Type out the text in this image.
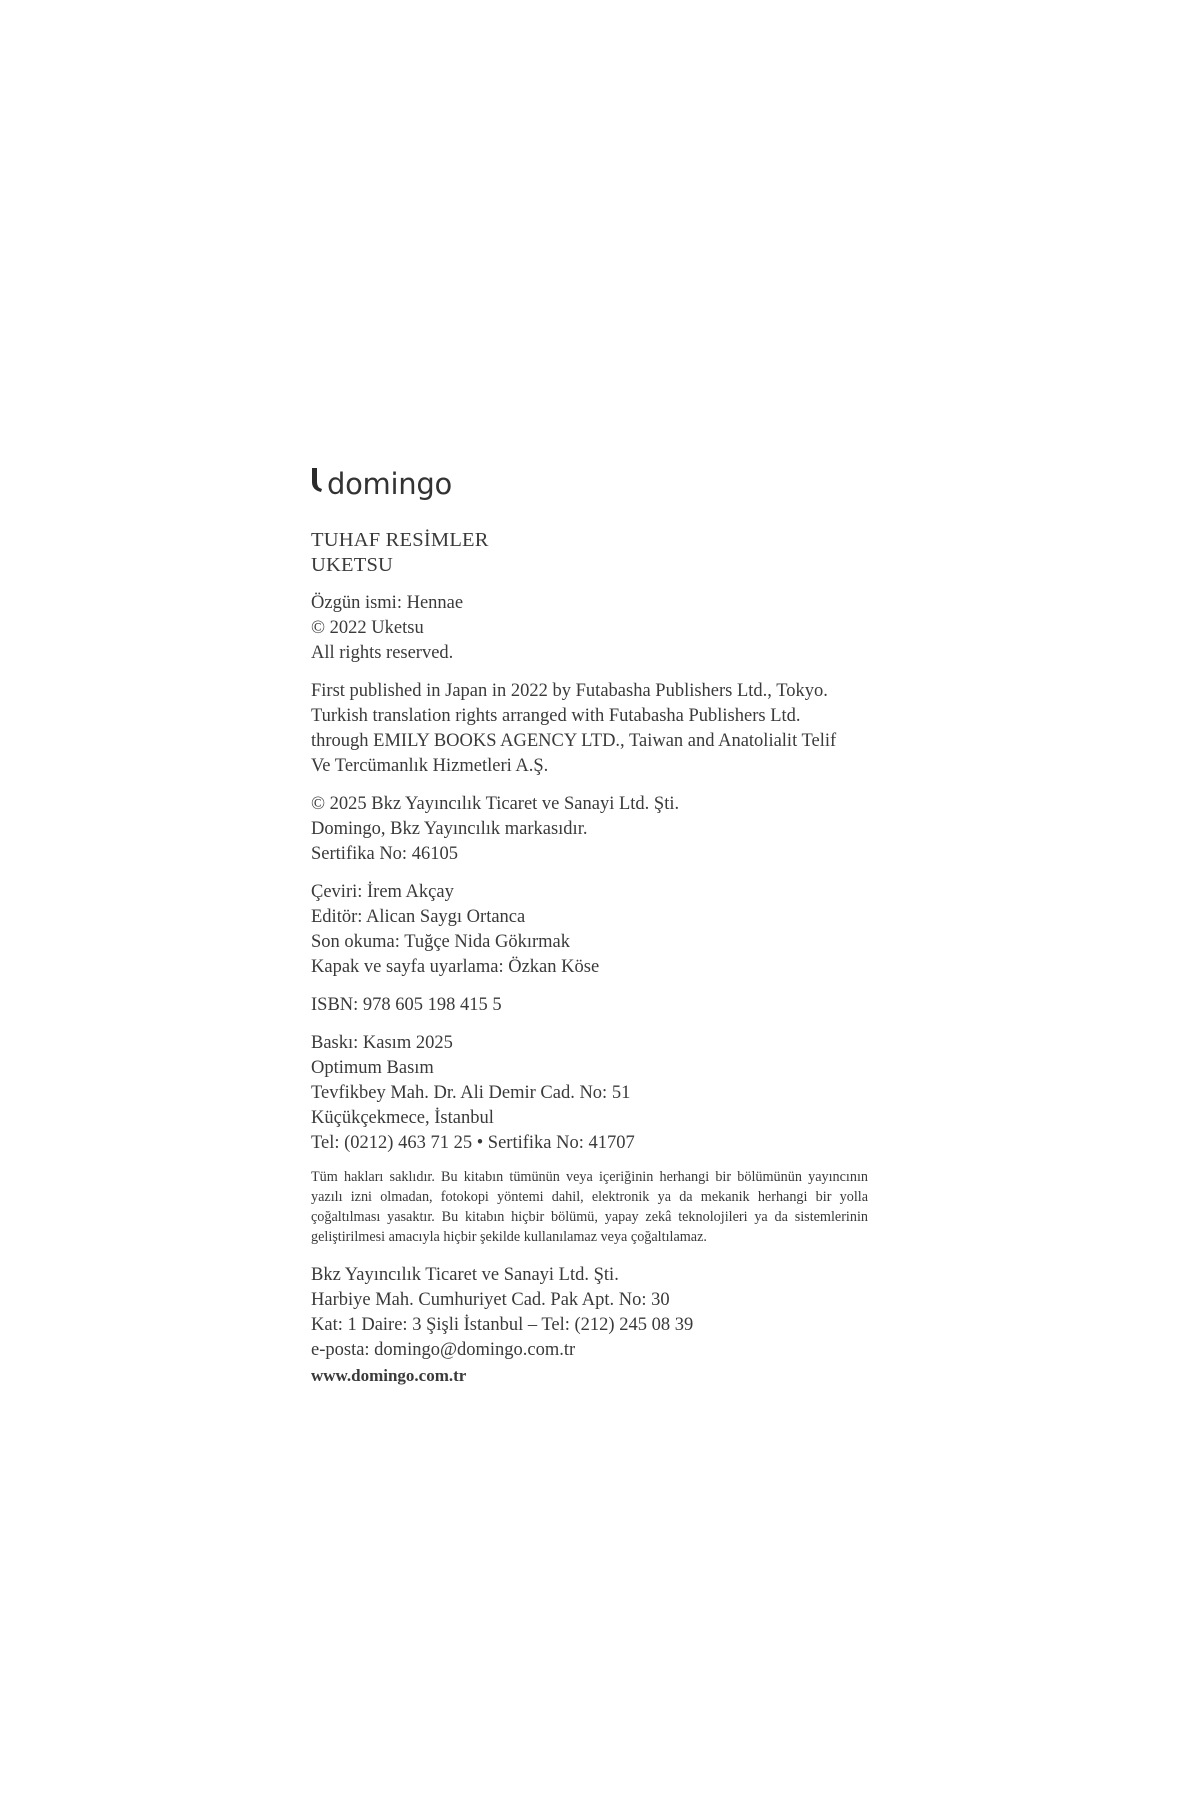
domingo
TUHAF RESİMLER
UKETSU
Özgün ismi: Hennae
© 2022 Uketsu
All rights reserved.
First published in Japan in 2022 by Futabasha Publishers Ltd., Tokyo.
Turkish translation rights arranged with Futabasha Publishers Ltd.
through EMILY BOOKS AGENCY LTD., Taiwan and Anatolialit Telif
Ve Tercümanlık Hizmetleri A.Ş.
© 2025 Bkz Yayıncılık Ticaret ve Sanayi Ltd. Şti.
Domingo, Bkz Yayıncılık markasıdır.
Sertifika No: 46105
Çeviri: İrem Akçay
Editör: Alican Saygı Ortanca
Son okuma: Tuğçe Nida Gökırmak
Kapak ve sayfa uyarlama: Özkan Köse
ISBN: 978 605 198 415 5
Baskı: Kasım 2025
Optimum Basım
Tevfikbey Mah. Dr. Ali Demir Cad. No: 51
Küçükçekmece, İstanbul
Tel: (0212) 463 71 25 • Sertifika No: 41707
Tüm hakları saklıdır. Bu kitabın tümünün veya içeriğinin herhangi bir bölümünün yayıncının yazılı izni olmadan, fotokopi yöntemi dahil, elektronik ya da mekanik herhangi bir yolla çoğaltılması yasaktır. Bu kitabın hiçbir bölümü, yapay zekâ teknolojileri ya da sistemlerinin geliştirilmesi amacıyla hiçbir şekilde kullanılamaz veya çoğaltılamaz.
Bkz Yayıncılık Ticaret ve Sanayi Ltd. Şti.
Harbiye Mah. Cumhuriyet Cad. Pak Apt. No: 30
Kat: 1 Daire: 3 Şişli İstanbul – Tel: (212) 245 08 39
e-posta: domingo@domingo.com.tr
www.domingo.com.tr
